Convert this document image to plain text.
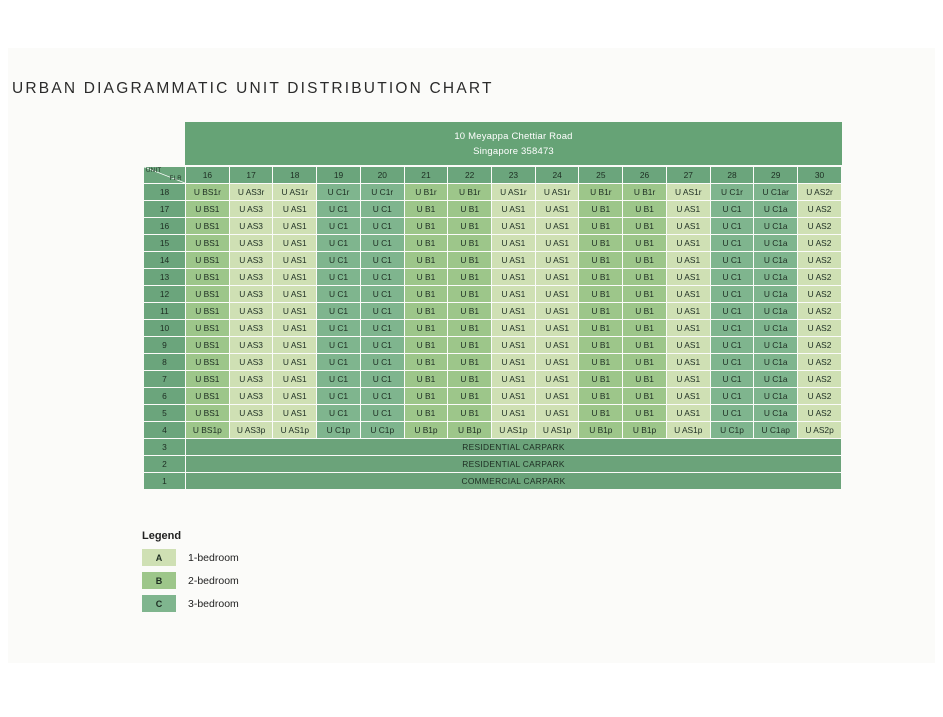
URBAN DIAGRAMMATIC UNIT DISTRIBUTION CHART
10 Meyappa Chettiar Road
Singapore 358473
UNIT
FLR	16	17	18	19	20	21	22	23	24	25	26	27	28	29	30
18	U BS1r	U AS3r	U AS1r	U C1r	U C1r	U B1r	U B1r	U AS1r	U AS1r	U B1r	U B1r	U AS1r	U C1r	U C1ar	U AS2r
17	U BS1	U AS3	U AS1	U C1	U C1	U B1	U B1	U AS1	U AS1	U B1	U B1	U AS1	U C1	U C1a	U AS2
16	U BS1	U AS3	U AS1	U C1	U C1	U B1	U B1	U AS1	U AS1	U B1	U B1	U AS1	U C1	U C1a	U AS2
15	U BS1	U AS3	U AS1	U C1	U C1	U B1	U B1	U AS1	U AS1	U B1	U B1	U AS1	U C1	U C1a	U AS2
14	U BS1	U AS3	U AS1	U C1	U C1	U B1	U B1	U AS1	U AS1	U B1	U B1	U AS1	U C1	U C1a	U AS2
13	U BS1	U AS3	U AS1	U C1	U C1	U B1	U B1	U AS1	U AS1	U B1	U B1	U AS1	U C1	U C1a	U AS2
12	U BS1	U AS3	U AS1	U C1	U C1	U B1	U B1	U AS1	U AS1	U B1	U B1	U AS1	U C1	U C1a	U AS2
11	U BS1	U AS3	U AS1	U C1	U C1	U B1	U B1	U AS1	U AS1	U B1	U B1	U AS1	U C1	U C1a	U AS2
10	U BS1	U AS3	U AS1	U C1	U C1	U B1	U B1	U AS1	U AS1	U B1	U B1	U AS1	U C1	U C1a	U AS2
9	U BS1	U AS3	U AS1	U C1	U C1	U B1	U B1	U AS1	U AS1	U B1	U B1	U AS1	U C1	U C1a	U AS2
8	U BS1	U AS3	U AS1	U C1	U C1	U B1	U B1	U AS1	U AS1	U B1	U B1	U AS1	U C1	U C1a	U AS2
7	U BS1	U AS3	U AS1	U C1	U C1	U B1	U B1	U AS1	U AS1	U B1	U B1	U AS1	U C1	U C1a	U AS2
6	U BS1	U AS3	U AS1	U C1	U C1	U B1	U B1	U AS1	U AS1	U B1	U B1	U AS1	U C1	U C1a	U AS2
5	U BS1	U AS3	U AS1	U C1	U C1	U B1	U B1	U AS1	U AS1	U B1	U B1	U AS1	U C1	U C1a	U AS2
4	U BS1p	U AS3p	U AS1p	U C1p	U C1p	U B1p	U B1p	U AS1p	U AS1p	U B1p	U B1p	U AS1p	U C1p	U C1ap	U AS2p
3	RESIDENTIAL CARPARK														
2	RESIDENTIAL CARPARK														
1	COMMERCIAL CARPARK														
Legend
A	1-bedroom
B	2-bedroom
C	3-bedroom
